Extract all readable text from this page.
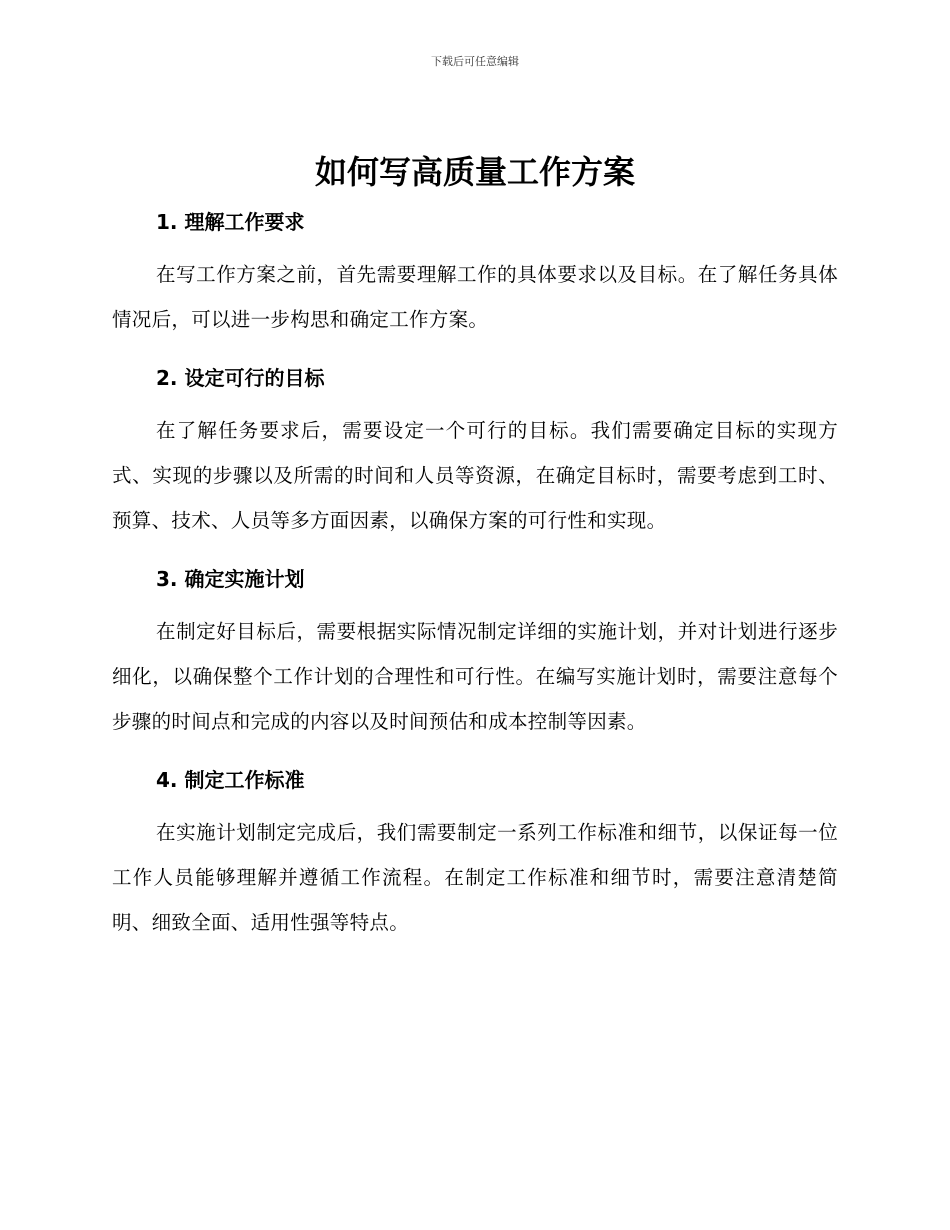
下载后可任意编辑
如何写高质量工作方案
1. 理解工作要求

在写工作方案之前，首先需要理解工作的具体要求以及目标。在了解任务具体情况后，可以进一步构思和确定工作方案。

2. 设定可行的目标

在了解任务要求后，需要设定一个可行的目标。我们需要确定目标的实现方式、实现的步骤以及所需的时间和人员等资源，在确定目标时，需要考虑到工时、预算、技术、人员等多方面因素，以确保方案的可行性和实现。

3. 确定实施计划

在制定好目标后，需要根据实际情况制定详细的实施计划，并对计划进行逐步细化，以确保整个工作计划的合理性和可行性。在编写实施计划时，需要注意每个步骤的时间点和完成的内容以及时间预估和成本控制等因素。

4. 制定工作标准

在实施计划制定完成后，我们需要制定一系列工作标准和细节，以保证每一位工作人员能够理解并遵循工作流程。在制定工作标准和细节时，需要注意清楚简明、细致全面、适用性强等特点。
